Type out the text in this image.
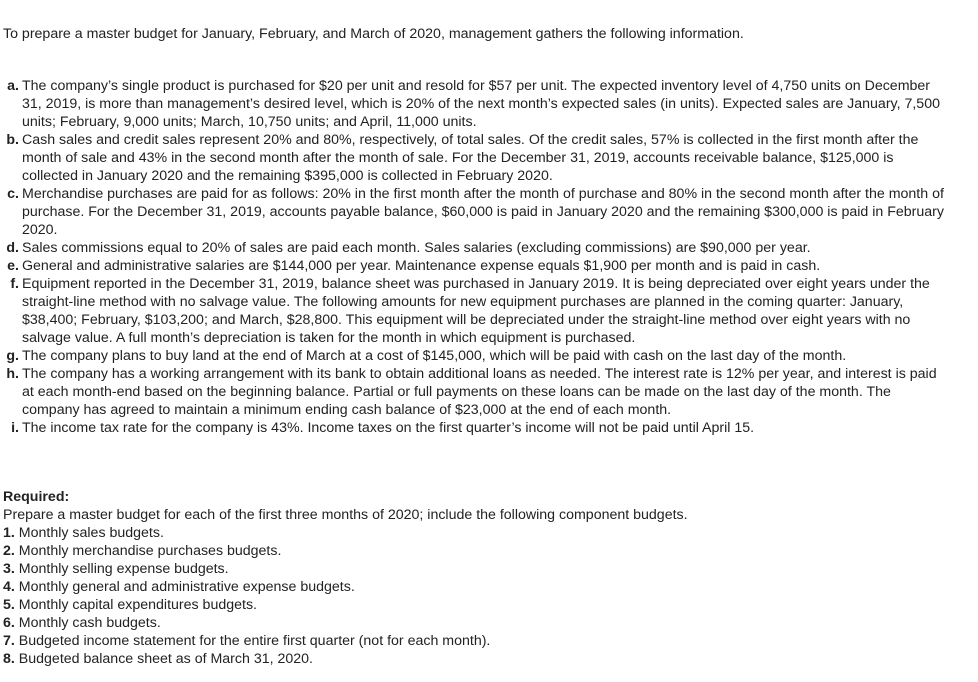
To prepare a master budget for January, February, and March of 2020, management gathers the following information.
a. The company’s single product is purchased for $20 per unit and resold for $57 per unit. The expected inventory level of 4,750 units on December 31, 2019, is more than management’s desired level, which is 20% of the next month’s expected sales (in units). Expected sales are January, 7,500 units; February, 9,000 units; March, 10,750 units; and April, 11,000 units.
b. Cash sales and credit sales represent 20% and 80%, respectively, of total sales. Of the credit sales, 57% is collected in the first month after the month of sale and 43% in the second month after the month of sale. For the December 31, 2019, accounts receivable balance, $125,000 is collected in January 2020 and the remaining $395,000 is collected in February 2020.
c. Merchandise purchases are paid for as follows: 20% in the first month after the month of purchase and 80% in the second month after the month of purchase. For the December 31, 2019, accounts payable balance, $60,000 is paid in January 2020 and the remaining $300,000 is paid in February 2020.
d. Sales commissions equal to 20% of sales are paid each month. Sales salaries (excluding commissions) are $90,000 per year.
e. General and administrative salaries are $144,000 per year. Maintenance expense equals $1,900 per month and is paid in cash.
f. Equipment reported in the December 31, 2019, balance sheet was purchased in January 2019. It is being depreciated over eight years under the straight-line method with no salvage value. The following amounts for new equipment purchases are planned in the coming quarter: January, $38,400; February, $103,200; and March, $28,800. This equipment will be depreciated under the straight-line method over eight years with no salvage value. A full month’s depreciation is taken for the month in which equipment is purchased.
g. The company plans to buy land at the end of March at a cost of $145,000, which will be paid with cash on the last day of the month.
h. The company has a working arrangement with its bank to obtain additional loans as needed. The interest rate is 12% per year, and interest is paid at each month-end based on the beginning balance. Partial or full payments on these loans can be made on the last day of the month. The company has agreed to maintain a minimum ending cash balance of $23,000 at the end of each month.
i. The income tax rate for the company is 43%. Income taxes on the first quarter’s income will not be paid until April 15.
Required:
Prepare a master budget for each of the first three months of 2020; include the following component budgets.
1. Monthly sales budgets.
2. Monthly merchandise purchases budgets.
3. Monthly selling expense budgets.
4. Monthly general and administrative expense budgets.
5. Monthly capital expenditures budgets.
6. Monthly cash budgets.
7. Budgeted income statement for the entire first quarter (not for each month).
8. Budgeted balance sheet as of March 31, 2020.
